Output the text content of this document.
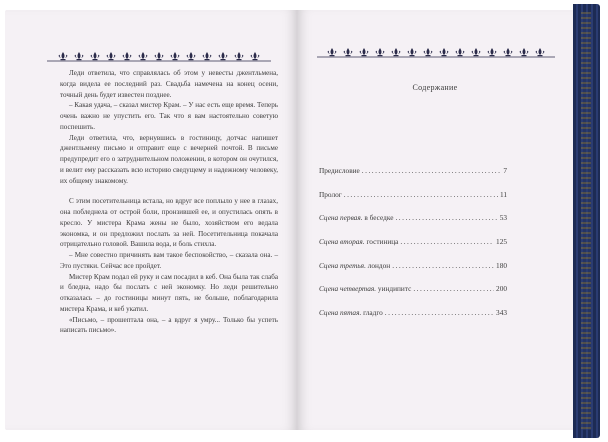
Леди ответила, что справлялась об этом у невесты джентльмена, когда видела ее последний раз. Свадьба намечена на конец осени, точный день будет известен позднее.

– Какая удача, – сказал мистер Крам. – У нас есть еще время. Теперь очень важно не упустить его. Так что я вам настоятельно советую поспешить.

Леди ответила, что, вернувшись в гостиницу, дотчас напишет джентльмену письмо и отправит еще с вечерней почтой. В письме предупредит его о затруднительном положении, в котором он очутился, и велит ему рассказать всю историю сведущему и надежному человеку, их общему знакомому.

С этим посетительница встала, но вдруг все поплыло у нее в глазах, она побледнела от острой боли, пронзившей ее, и опустилась опять в кресло. У мистера Крама жены не было, хозяйством его ведала экономка, и он предложил послать за ней. Посетительница покачала отрицательно головой. Вашила вода, и боль стихла.

– Мне совестно причинять вам такое беспокойство, – сказала она. – Это пустяки. Сейчас все пройдет.

Мистер Крам подал ей руку и сам посадил в кеб. Она была так слаба и бледна, надо бы послать с ней экономку. Но леди решительно отказалась – до гостиницы минут пять, не больше, поблагодарила мистера Крама, и кеб укатил.

«Письмо, – прошептала она, – а вдруг я умру... Только бы успеть написать письмо».

Содержание
Предисловие .....	7
Пролог .....	11
Сцена первая. в беседке .....	53
Сцена вторая. гостиница .....	125
Сцена третья. лондон .....	180
Сцена четвертая. уиндипитс .....	200
Сцена пятая. гладго .....	343
